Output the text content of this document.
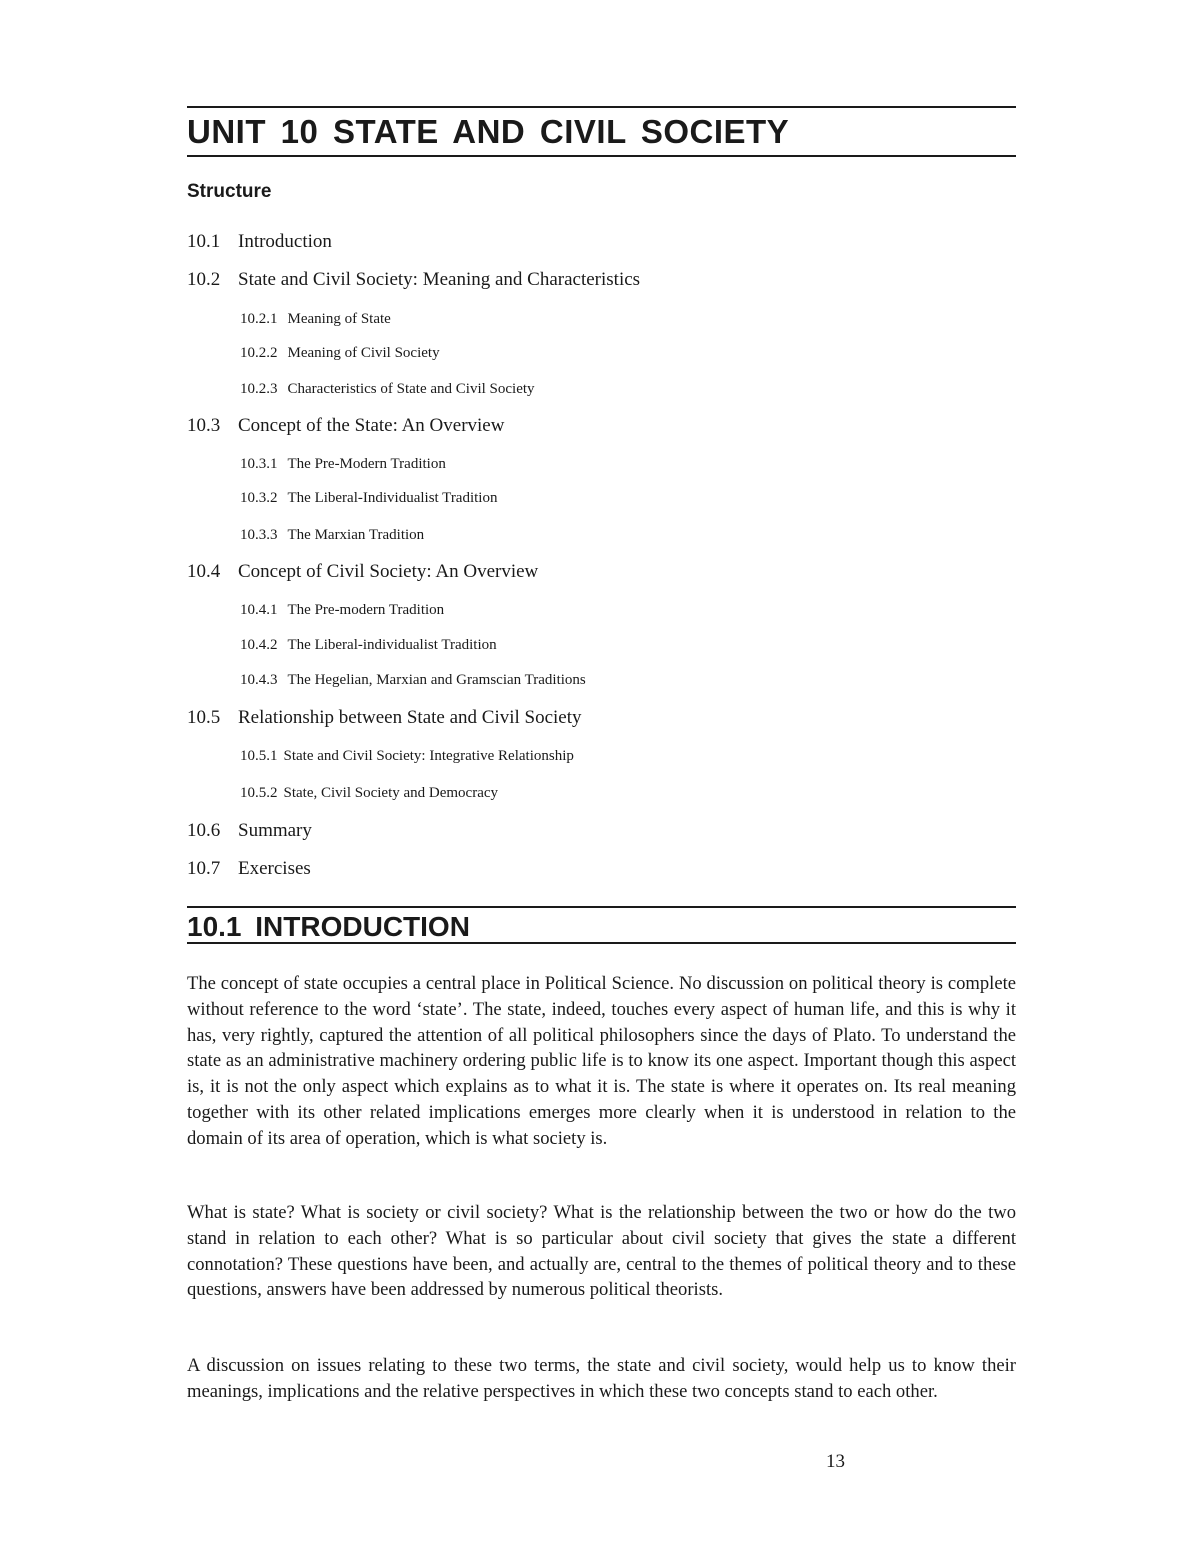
UNIT 10 STATE AND CIVIL SOCIETY
Structure
10.1 Introduction
10.2 State and Civil Society: Meaning and Characteristics
10.2.1 Meaning of State
10.2.2 Meaning of Civil Society
10.2.3 Characteristics of State and Civil Society
10.3 Concept of the State: An Overview
10.3.1 The Pre-Modern Tradition
10.3.2 The Liberal-Individualist Tradition
10.3.3 The Marxian Tradition
10.4 Concept of Civil Society: An Overview
10.4.1 The Pre-modern Tradition
10.4.2 The Liberal-individualist Tradition
10.4.3 The Hegelian, Marxian and Gramscian Traditions
10.5 Relationship between State and Civil Society
10.5.1 State and Civil Society: Integrative Relationship
10.5.2 State, Civil Society and Democracy
10.6 Summary
10.7 Exercises
10.1 INTRODUCTION

The concept of state occupies a central place in Political Science. No discussion on political theory is complete without reference to the word ‘state’. The state, indeed, touches every aspect of human life, and this is why it has, very rightly, captured the attention of all political philosophers since the days of Plato. To understand the state as an administrative machinery ordering public life is to know its one aspect. Important though this aspect is, it is not the only aspect which explains as to what it is. The state is where it operates on. Its real meaning together with its other related implications emerges more clearly when it is understood in relation to the domain of its area of operation, which is what society is.

What is state? What is society or civil society? What is the relationship between the two or how do the two stand in relation to each other? What is so particular about civil society that gives the state a different connotation? These questions have been, and actually are, central to the themes of political theory and to these questions, answers have been addressed by numerous political theorists.

A discussion on issues relating to these two terms, the state and civil society, would help us to know their meanings, implications and the relative perspectives in which these two concepts stand to each other.

13
